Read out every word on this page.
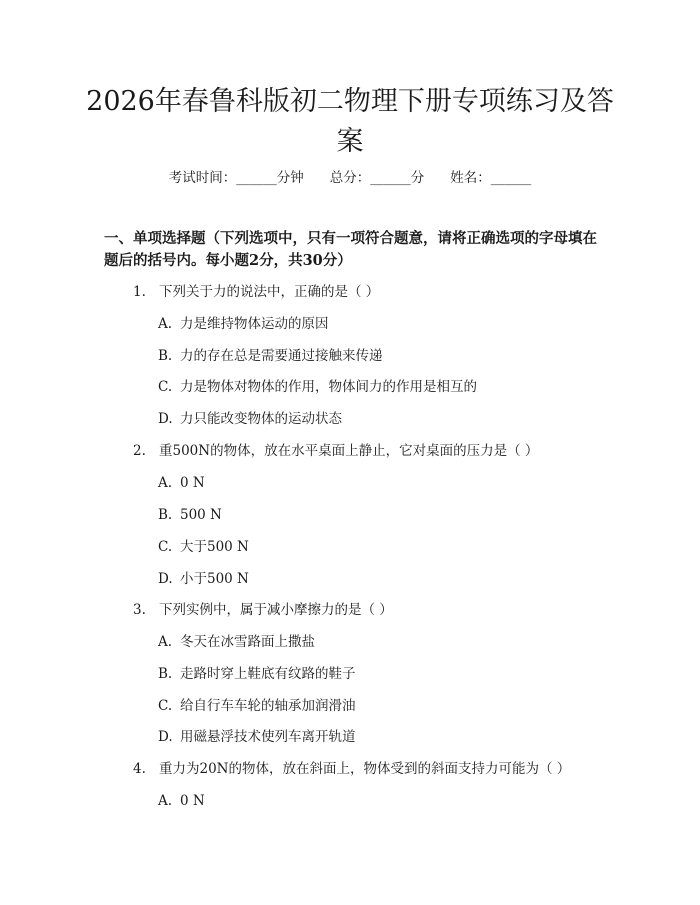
2026年春鲁科版初二物理下册专项练习及答案
考试时间：______分钟 总分：______分 姓名：______

一、单项选择题（下列选项中，只有一项符合题意，请将正确选项的字母填在题后的括号内。每小题2分，共30分）

1. 下列关于力的说法中，正确的是（ ）
A. 力是维持物体运动的原因
B. 力的存在总是需要通过接触来传递
C. 力是物体对物体的作用，物体间力的作用是相互的
D. 力只能改变物体的运动状态
2. 重500N的物体，放在水平桌面上静止，它对桌面的压力是（ ）
A. 0 N
B. 500 N
C. 大于500 N
D. 小于500 N
3. 下列实例中，属于减小摩擦力的是（ ）
A. 冬天在冰雪路面上撒盐
B. 走路时穿上鞋底有纹路的鞋子
C. 给自行车车轮的轴承加润滑油
D. 用磁悬浮技术使列车离开轨道
4. 重力为20N的物体，放在斜面上，物体受到的斜面支持力可能为（ ）
A. 0 N
